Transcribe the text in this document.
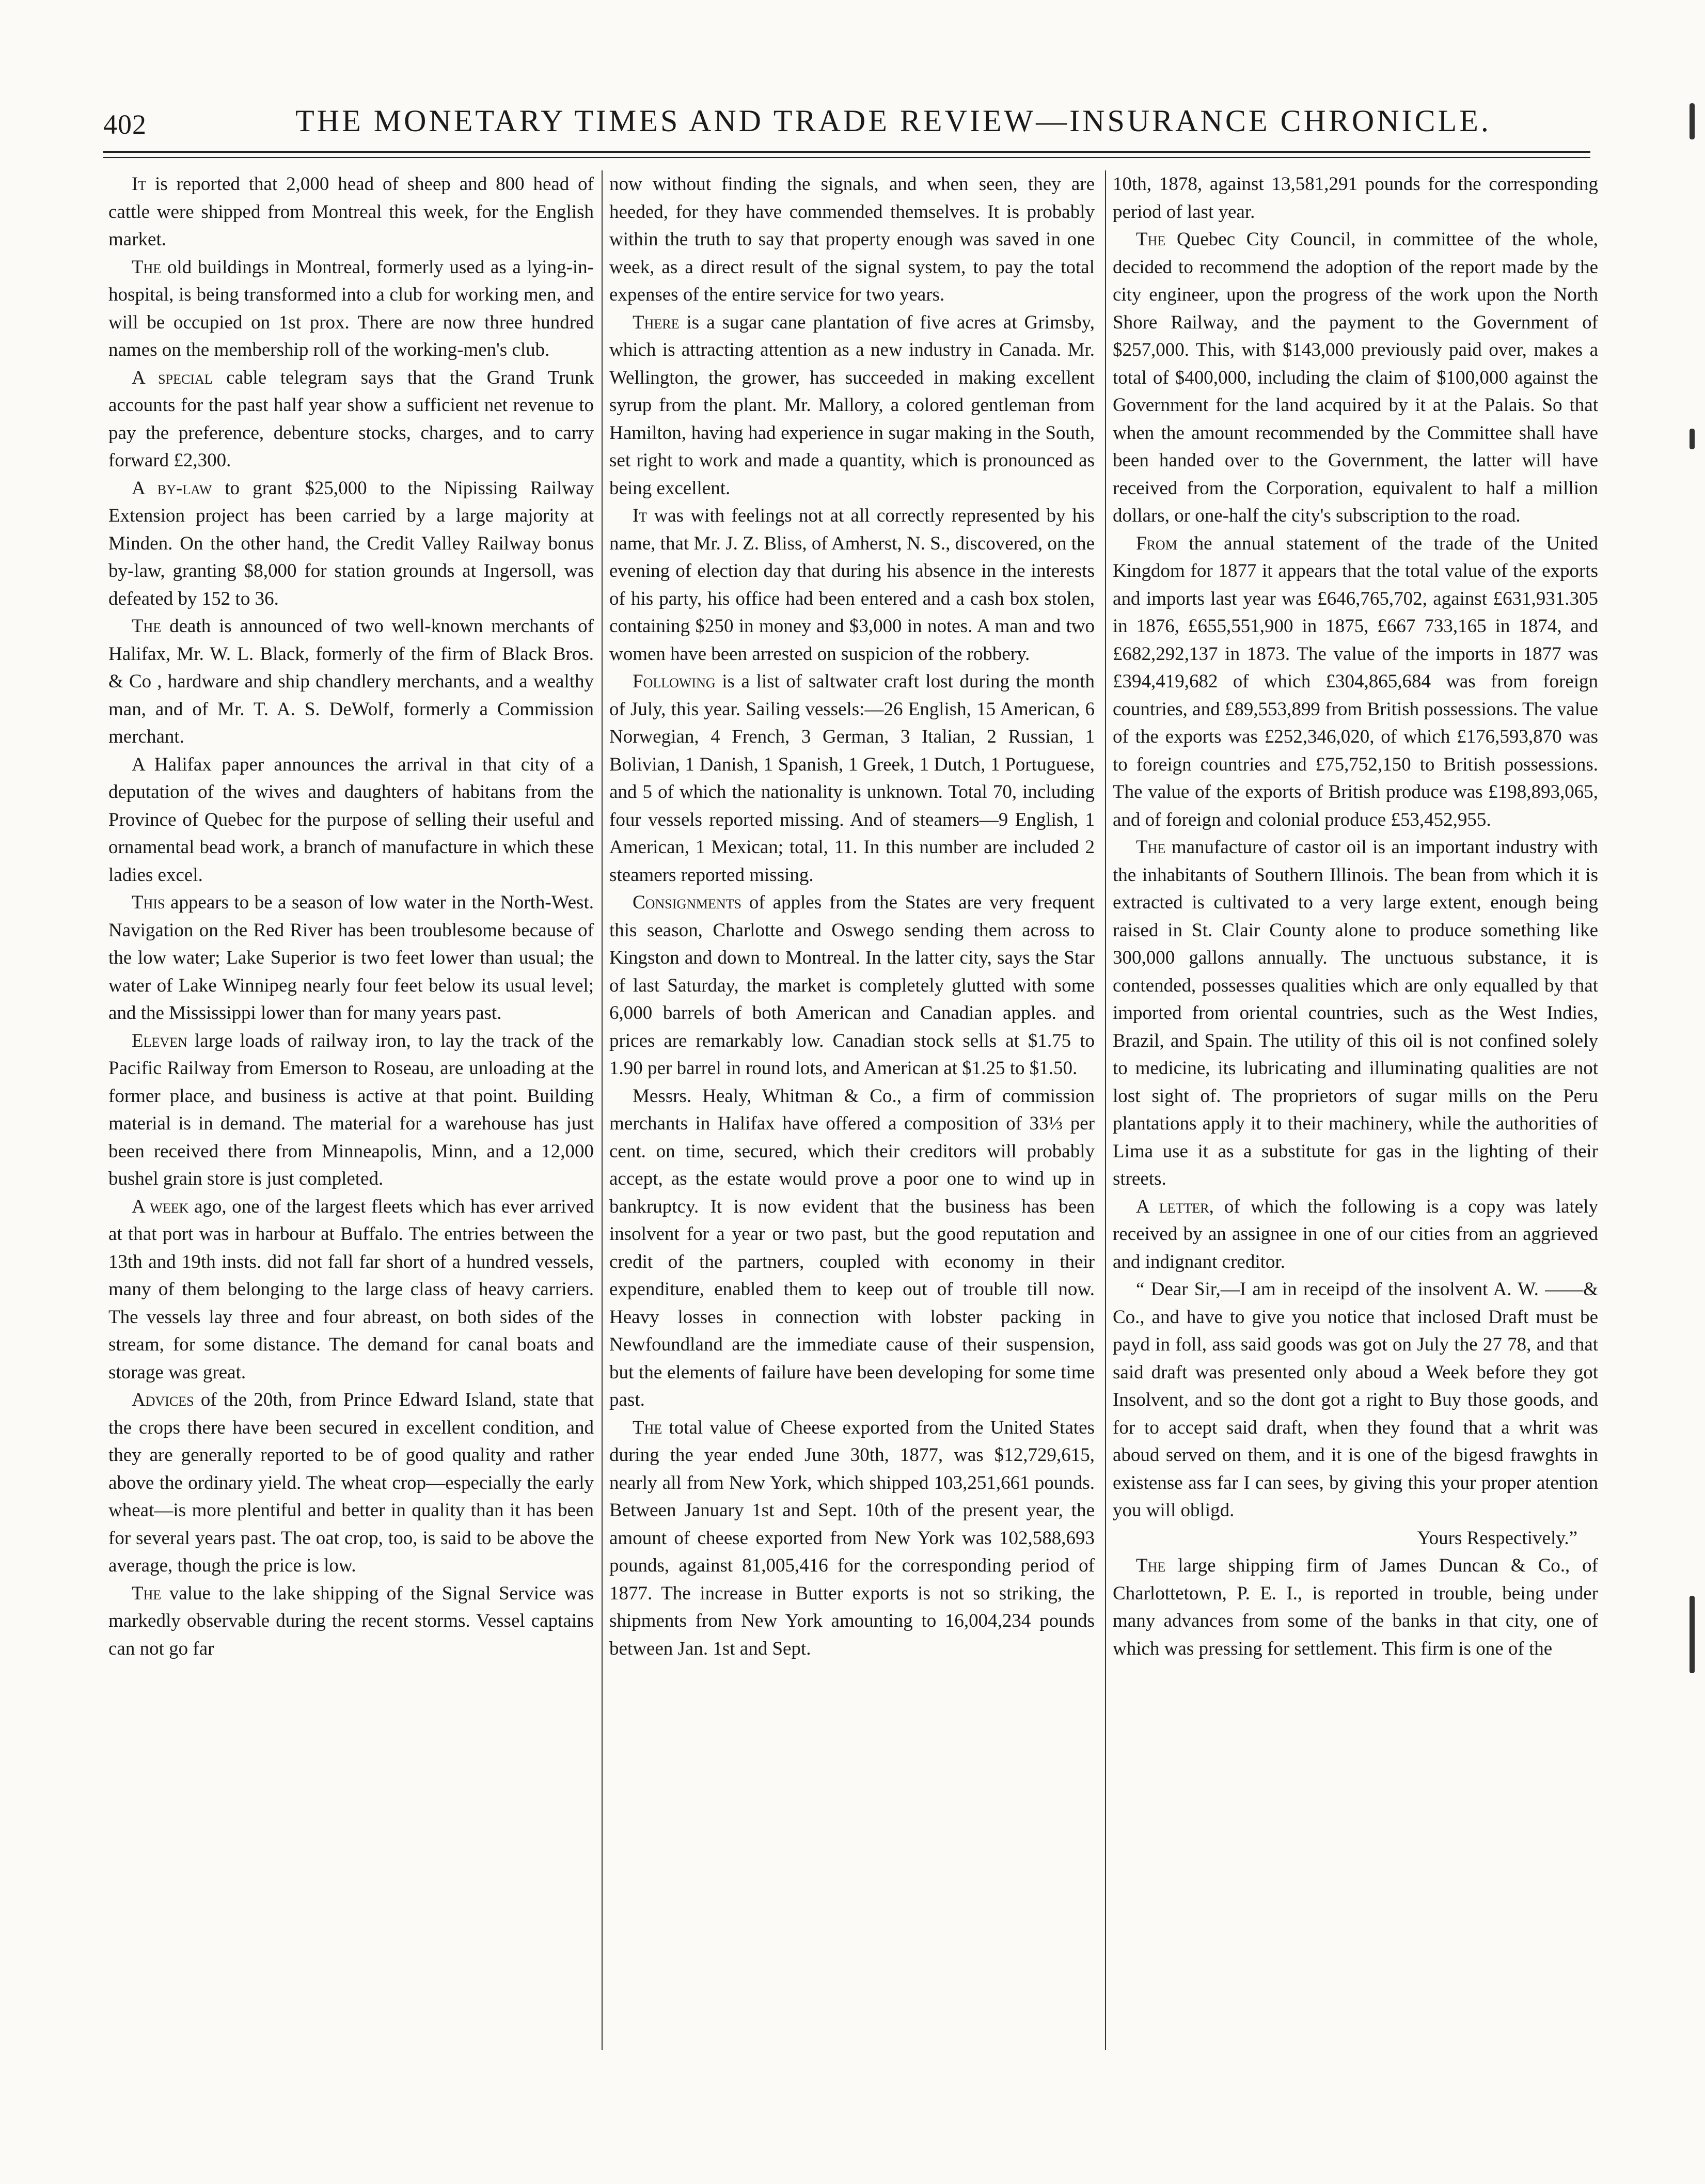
402	THE MONETARY TIMES AND TRADE REVIEW—INSURANCE CHRONICLE.

It is reported that 2,000 head of sheep and 800 head of cattle were shipped from Montreal this week, for the English market.

The old buildings in Montreal, formerly used as a lying-in-hospital, is being transformed into a club for working men, and will be occupied on 1st prox. There are now three hundred names on the membership roll of the working-men's club.

A special cable telegram says that the Grand Trunk accounts for the past half year show a sufficient net revenue to pay the preference, debenture stocks, charges, and to carry forward £2,300.

A by-law to grant $25,000 to the Nipissing Railway Extension project has been carried by a large majority at Minden. On the other hand, the Credit Valley Railway bonus by-law, granting $8,000 for station grounds at Ingersoll, was defeated by 152 to 36.

The death is announced of two well-known merchants of Halifax, Mr. W. L. Black, formerly of the firm of Black Bros. & Co , hardware and ship chandlery merchants, and a wealthy man, and of Mr. T. A. S. DeWolf, formerly a Commission merchant.

A Halifax paper announces the arrival in that city of a deputation of the wives and daughters of habitans from the Province of Quebec for the purpose of selling their useful and ornamental bead work, a branch of manufacture in which these ladies excel.

This appears to be a season of low water in the North-West. Navigation on the Red River has been troublesome because of the low water; Lake Superior is two feet lower than usual; the water of Lake Winnipeg nearly four feet below its usual level; and the Mississippi lower than for many years past.

Eleven large loads of railway iron, to lay the track of the Pacific Railway from Emerson to Roseau, are unloading at the former place, and business is active at that point. Building material is in demand. The material for a warehouse has just been received there from Minneapolis, Minn, and a 12,000 bushel grain store is just completed.

A week ago, one of the largest fleets which has ever arrived at that port was in harbour at Buffalo. The entries between the 13th and 19th insts. did not fall far short of a hundred vessels, many of them belonging to the large class of heavy carriers. The vessels lay three and four abreast, on both sides of the stream, for some distance. The demand for canal boats and storage was great.

Advices of the 20th, from Prince Edward Island, state that the crops there have been secured in excellent condition, and they are generally reported to be of good quality and rather above the ordinary yield. The wheat crop—especially the early wheat—is more plentiful and better in quality than it has been for several years past. The oat crop, too, is said to be above the average, though the price is low.

The value to the lake shipping of the Signal Service was markedly observable during the recent storms. Vessel captains can not go far

now without finding the signals, and when seen, they are heeded, for they have commended themselves. It is probably within the truth to say that property enough was saved in one week, as a direct result of the signal system, to pay the total expenses of the entire service for two years.

There is a sugar cane plantation of five acres at Grimsby, which is attracting attention as a new industry in Canada. Mr. Wellington, the grower, has succeeded in making excellent syrup from the plant. Mr. Mallory, a colored gentleman from Hamilton, having had experience in sugar making in the South, set right to work and made a quantity, which is pronounced as being excellent.

It was with feelings not at all correctly represented by his name, that Mr. J. Z. Bliss, of Amherst, N. S., discovered, on the evening of election day that during his absence in the interests of his party, his office had been entered and a cash box stolen, containing $250 in money and $3,000 in notes. A man and two women have been arrested on suspicion of the robbery.

Following is a list of saltwater craft lost during the month of July, this year. Sailing vessels:—26 English, 15 American, 6 Norwegian, 4 French, 3 German, 3 Italian, 2 Russian, 1 Bolivian, 1 Danish, 1 Spanish, 1 Greek, 1 Dutch, 1 Portuguese, and 5 of which the nationality is unknown. Total 70, including four vessels reported missing. And of steamers—9 English, 1 American, 1 Mexican; total, 11. In this number are included 2 steamers reported missing.

Consignments of apples from the States are very frequent this season, Charlotte and Oswego sending them across to Kingston and down to Montreal. In the latter city, says the Star of last Saturday, the market is completely glutted with some 6,000 barrels of both American and Canadian apples. and prices are remarkably low. Canadian stock sells at $1.75 to 1.90 per barrel in round lots, and American at $1.25 to $1.50.

Messrs. Healy, Whitman & Co., a firm of commission merchants in Halifax have offered a composition of 33⅓ per cent. on time, secured, which their creditors will probably accept, as the estate would prove a poor one to wind up in bankruptcy. It is now evident that the business has been insolvent for a year or two past, but the good reputation and credit of the partners, coupled with economy in their expenditure, enabled them to keep out of trouble till now. Heavy losses in connection with lobster packing in Newfoundland are the immediate cause of their suspension, but the elements of failure have been developing for some time past.

The total value of Cheese exported from the United States during the year ended June 30th, 1877, was $12,729,615, nearly all from New York, which shipped 103,251,661 pounds. Between January 1st and Sept. 10th of the present year, the amount of cheese exported from New York was 102,588,693 pounds, against 81,005,416 for the corresponding period of 1877. The increase in Butter exports is not so striking, the shipments from New York amounting to 16,004,234 pounds between Jan. 1st and Sept.

10th, 1878, against 13,581,291 pounds for the corresponding period of last year.

The Quebec City Council, in committee of the whole, decided to recommend the adoption of the report made by the city engineer, upon the progress of the work upon the North Shore Railway, and the payment to the Government of $257,000. This, with $143,000 previously paid over, makes a total of $400,000, including the claim of $100,000 against the Government for the land acquired by it at the Palais. So that when the amount recommended by the Committee shall have been handed over to the Government, the latter will have received from the Corporation, equivalent to half a million dollars, or one-half the city's subscription to the road.

From the annual statement of the trade of the United Kingdom for 1877 it appears that the total value of the exports and imports last year was £646,765,702, against £631,931.305 in 1876, £655,551,900 in 1875, £667 733,165 in 1874, and £682,292,137 in 1873. The value of the imports in 1877 was £394,419,682 of which £304,865,684 was from foreign countries, and £89,553,899 from British possessions. The value of the exports was £252,346,020, of which £176,593,870 was to foreign countries and £75,752,150 to British possessions. The value of the exports of British produce was £198,893,065, and of foreign and colonial produce £53,452,955.

The manufacture of castor oil is an important industry with the inhabitants of Southern Illinois. The bean from which it is extracted is cultivated to a very large extent, enough being raised in St. Clair County alone to produce something like 300,000 gallons annually. The unctuous substance, it is contended, possesses qualities which are only equalled by that imported from oriental countries, such as the West Indies, Brazil, and Spain. The utility of this oil is not confined solely to medicine, its lubricating and illuminating qualities are not lost sight of. The proprietors of sugar mills on the Peru plantations apply it to their machinery, while the authorities of Lima use it as a substitute for gas in the lighting of their streets.

A letter, of which the following is a copy was lately received by an assignee in one of our cities from an aggrieved and indignant creditor.

“ Dear Sir,—I am in receipd of the insolvent A. W. ——& Co., and have to give you notice that inclosed Draft must be payd in foll, ass said goods was got on July the 27 78, and that said draft was presented only aboud a Week before they got Insolvent, and so the dont got a right to Buy those goods, and for to accept said draft, when they found that a whrit was aboud served on them, and it is one of the bigesd frawghts in existense ass far I can sees, by giving this your proper atention you will obligd.

Yours Respectively.”

The large shipping firm of James Duncan & Co., of Charlottetown, P. E. I., is reported in trouble, being under many advances from some of the banks in that city, one of which was pressing for settlement. This firm is one of the
